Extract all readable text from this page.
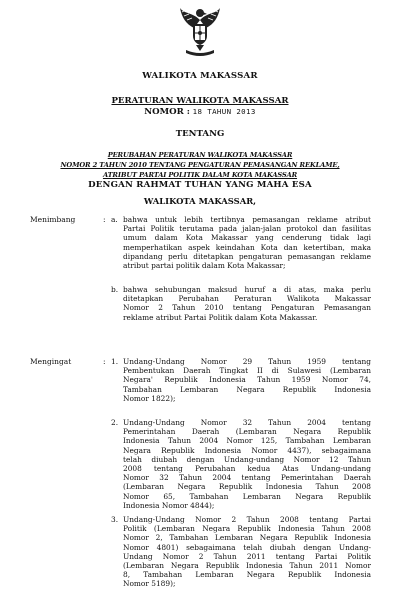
WALIKOTA MAKASSAR
PERATURAN WALIKOTA MAKASSAR
NOMOR : 18 TAHUN 2013
TENTANG
PERUBAHAN PERATURAN WALIKOTA MAKASSAR
NOMOR 2 TAHUN 2010 TENTANG PENGATURAN PEMASANGAN REKLAME,
ATRIBUT PARTAI POLITIK DALAM KOTA MAKASSAR
DENGAN RAHMAT TUHAN YANG MAHA ESA
WALIKOTA MAKASSAR,
Menimbang	: a. bahwa untuk lebih tertibnya pemasangan reklame atribut
Partai Politik terutama pada jalan-jalan protokol dan fasilitas
umum dalam Kota Makassar yang cenderung tidak lagi
memperhatikan aspek keindahan Kota dan ketertiban, maka
dipandang perlu ditetapkan pengaturan pemasangan reklame
atribut partai politik dalam Kota Makassar;
b. bahwa sehubungan maksud huruf a di atas, maka perlu
ditetapkan Perubahan Peraturan Walikota Makassar
Nomor 2 Tahun 2010 tentang Pengaturan Pemasangan
reklame atribut Partai Politik dalam Kota Makassar.
Mengingat	: 1. Undang-Undang Nomor 29 Tahun 1959 tentang
Pembentukan Daerah Tingkat II di Sulawesi (Lembaran
Negara' Republik Indonesia Tahun 1959 Nomor 74,
Tambahan Lembaran Negara Republik Indonesia
Nomor 1822);
2. Undang-Undang Nomor 32 Tahun 2004 tentang
Pemerintahan Daerah (Lembaran Negara Republik
Indonesia Tahun 2004 Nomor 125, Tambahan Lembaran
Negara Republik Indonesia Nomor 4437), sebagaimana
telah diubah dengan Undang-undang Nomor 12 Tahun
2008 tentang Perubahan kedua Atas Undang-undang
Nomor 32 Tahun 2004 tentang Pemerintahan Daerah
(Lembaran Negara Republik Indonesia Tahun 2008
Nomor 65, Tambahan Lembaran Negara Republik
Indonesia Nomor 4844);
3. Undang-Undang Nomor 2 Tahun 2008 tentang Partai
Politik (Lembaran Negara Republik Indonesia Tahun 2008
Nomor 2, Tambahan Lembaran Negara Republik Indonesia
Nomor 4801) sebagaimana telah diubah dengan Undang-
Undang Nomor 2 Tahun 2011 tentang Partai Politik
(Lembaran Negara Republik Indonesia Tahun 2011 Nomor
8, Tambahan Lembaran Negara Republik Indonesia
Nomor 5189);
